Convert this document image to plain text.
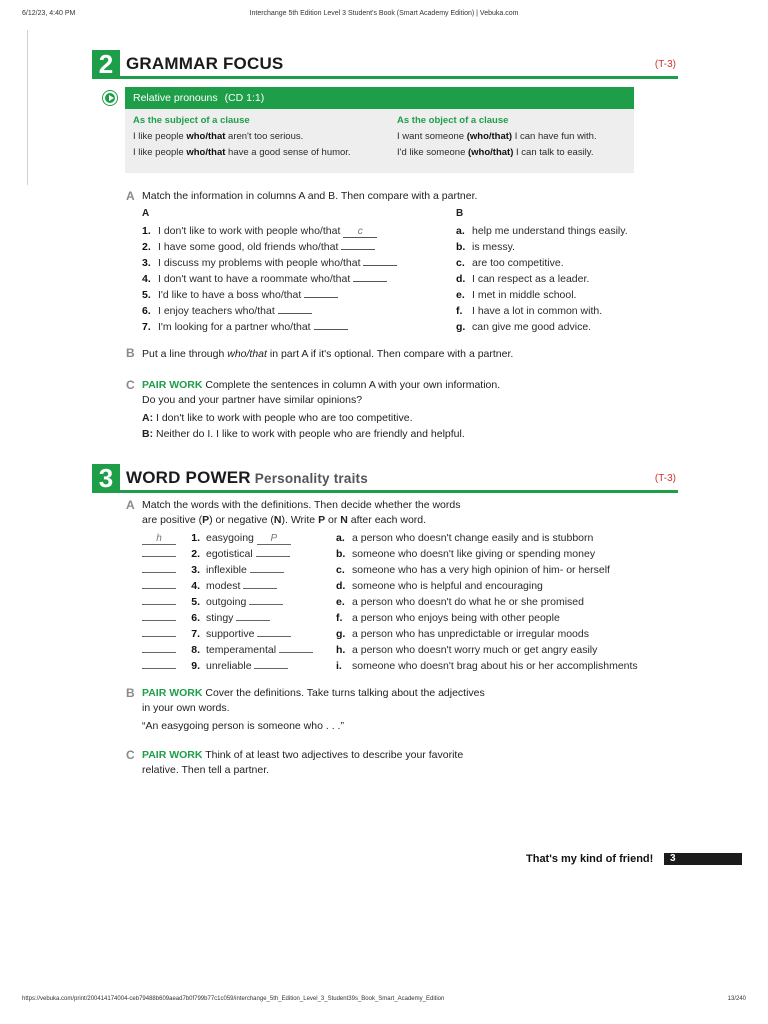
6/12/23, 4:40 PM	Interchange 5th Edition Level 3 Student's Book (Smart Academy Edition) | Vebuka.com
2 GRAMMAR FOCUS	(T-3)
Relative pronouns (CD 1:1)
As the subject of a clause
I like people who/that aren't too serious.
I like people who/that have a good sense of humor.
As the object of a clause
I want someone (who/that) I can have fun with.
I'd like someone (who/that) I can talk to easily.
A Match the information in columns A and B. Then compare with a partner.
A	B
1. I don't like to work with people who/that c
2. I have some good, old friends who/that
3. I discuss my problems with people who/that
4. I don't want to have a roommate who/that
5. I'd like to have a boss who/that
6. I enjoy teachers who/that
7. I'm looking for a partner who/that
a. help me understand things easily.
b. is messy.
c. are too competitive.
d. I can respect as a leader.
e. I met in middle school.
f. I have a lot in common with.
g. can give me good advice.
B Put a line through who/that in part A if it's optional. Then compare with a partner.
C PAIR WORK Complete the sentences in column A with your own information.
Do you and your partner have similar opinions?
A: I don't like to work with people who are too competitive.
B: Neither do I. I like to work with people who are friendly and helpful.
3 WORD POWER Personality traits	(T-3)
A Match the words with the definitions. Then decide whether the words
are positive (P) or negative (N). Write P or N after each word.
h	1. easygoing P
2. egotistical
3. inflexible
4. modest
5. outgoing
6. stingy
7. supportive
8. temperamental
9. unreliable
a. a person who doesn't change easily and is stubborn
b. someone who doesn't like giving or spending money
c. someone who has a very high opinion of him- or herself
d. someone who is helpful and encouraging
e. a person who doesn't do what he or she promised
f. a person who enjoys being with other people
g. a person who has unpredictable or irregular moods
h. a person who doesn't worry much or get angry easily
i. someone who doesn't brag about his or her accomplishments
B PAIR WORK Cover the definitions. Take turns talking about the adjectives
in your own words.
“An easygoing person is someone who . . .”
C PAIR WORK Think of at least two adjectives to describe your favorite
relative. Then tell a partner.
That's my kind of friend!	3
https://vebuka.com/print/200414174004-ceb79488b609aead7b0f799b77c1c059/interchange_5th_Edition_Level_3_Student39s_Book_Smart_Academy_Edition	13/240
